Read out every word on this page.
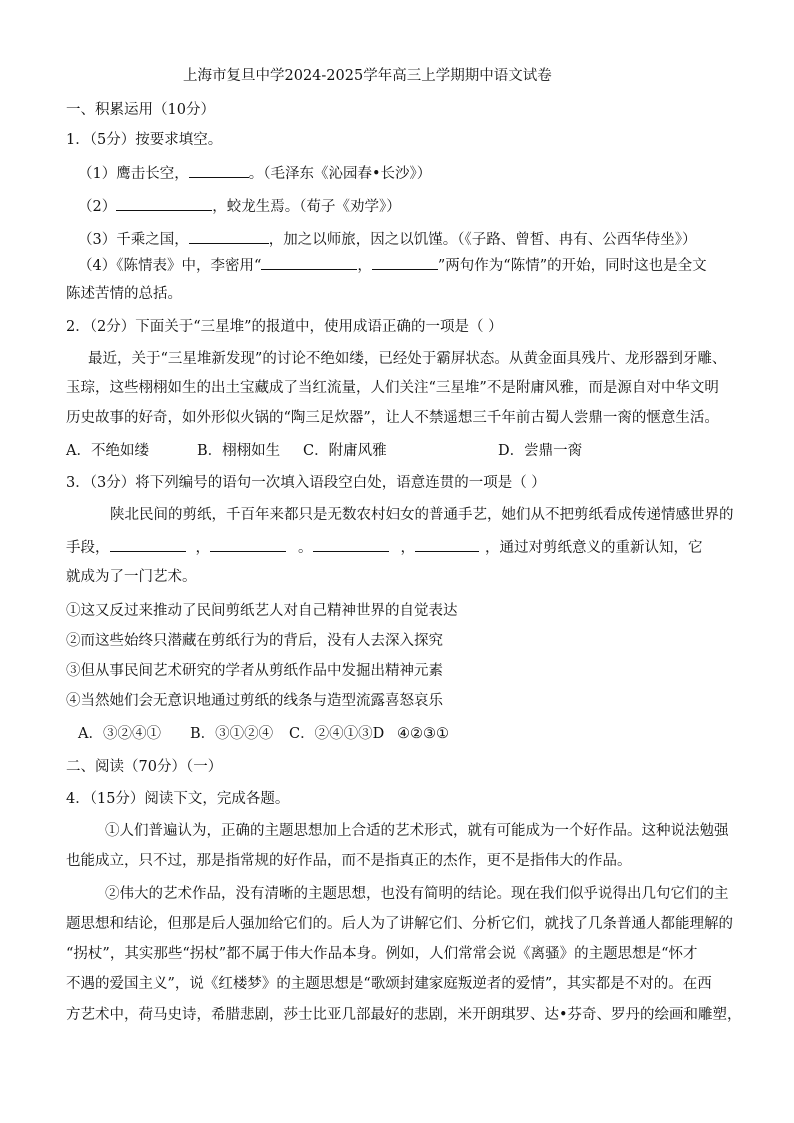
上海市复旦中学2024-2025学年高三上学期期中语文试卷
一、积累运用（10分）
1．（5分）按要求填空。
（1）鹰击长空，	。（毛泽东《沁园春•长沙》）
（2）	，蛟龙生焉。（荀子《劝学》）
（3）千乘之国，	，加之以师旅，因之以饥馑。（《子路、曾皙、冉有、公西华侍坐》）
（4）《陈情表》中，李密用“	，	”两句作为“陈情”的开始，同时这也是全文
陈述苦情的总括。
2．（2分）下面关于“三星堆”的报道中，使用成语正确的一项是（ ）
最近，关于“三星堆新发现”的讨论不绝如缕，已经处于霸屏状态。从黄金面具残片、龙形器到牙雕、
玉琮，这些栩栩如生的出土宝藏成了当红流量，人们关注“三星堆”不是附庸风雅，而是源自对中华文明
历史故事的好奇，如外形似火锅的“陶三足炊器”，让人不禁遥想三千年前古蜀人尝鼎一脔的惬意生活。
A．不绝如缕	B．栩栩如生 C．附庸风雅	D．尝鼎一脔
3．（3分）将下列编号的语句一次填入语段空白处，语意连贯的一项是（ ）
陕北民间的剪纸，千百年来都只是无数农村妇女的普通手艺，她们从不把剪纸看成传递情感世界的
手段，	，	。	，	，通过对剪纸意义的重新认知，它
就成为了一门艺术。
①这又反过来推动了民间剪纸艺人对自己精神世界的自觉表达
②而这些始终只潜藏在剪纸行为的背后，没有人去深入探究
③但从事民间艺术研究的学者从剪纸作品中发掘出精神元素
④当然她们会无意识地通过剪纸的线条与造型流露喜怒哀乐
A．③②④① B．③①②④ C．②④①③D ④②③①
二、阅读（70分）（一）
4．（15分）阅读下文，完成各题。
①人们普遍认为，正确的主题思想加上合适的艺术形式，就有可能成为一个好作品。这种说法勉强
也能成立，只不过，那是指常规的好作品，而不是指真正的杰作，更不是指伟大的作品。
②伟大的艺术作品，没有清晰的主题思想，也没有简明的结论。现在我们似乎说得出几句它们的主
题思想和结论，但那是后人强加给它们的。后人为了讲解它们、分析它们，就找了几条普通人都能理解的
“拐杖”，其实那些“拐杖”都不属于伟大作品本身。例如，人们常常会说《离骚》的主题思想是“怀才
不遇的爱国主义”，说《红楼梦》的主题思想是“歌颂封建家庭叛逆者的爱情”，其实都是不对的。在西
方艺术中，荷马史诗，希腊悲剧，莎士比亚几部最好的悲剧，米开朗琪罗、达•芬奇、罗丹的绘画和雕塑，
